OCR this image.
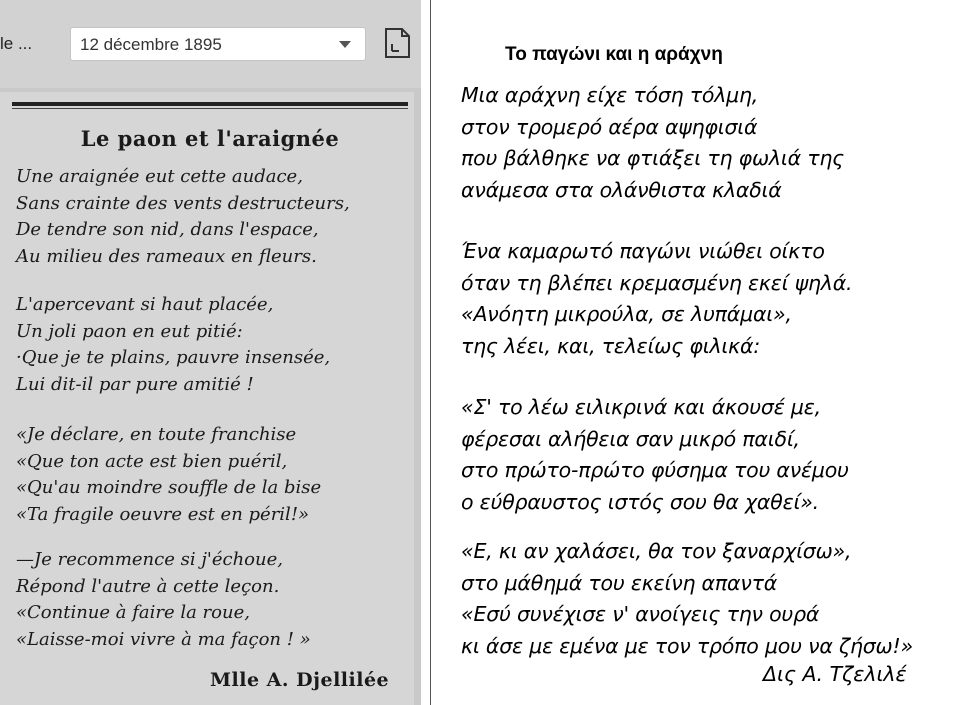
le ...	12 décembre 1895
Le paon et l'araignée
Une araignée eut cette audace,
Sans crainte des vents destructeurs,
De tendre son nid, dans l'espace,
Au milieu des rameaux en fleurs.
L'apercevant si haut placée,
Un joli paon en eut pitié:
·Que je te plains, pauvre insensée,
Lui dit-il par pure amitié !
«Je déclare, en toute franchise
«Que ton acte est bien puéril,
«Qu'au moindre souffle de la bise
«Ta fragile oeuvre est en péril!»
—Je recommence si j'échoue,
Répond l'autre à cette leçon.
«Continue à faire la roue,
«Laisse-moi vivre à ma façon ! »
Mlle A. Djellilée
Το παγώνι και η αράχνη
Μια αράχνη είχε τόση τόλμη,
στον τρομερό αέρα αψηφισιά
που βάλθηκε να φτιάξει τη φωλιά της
ανάμεσα στα ολάνθιστα κλαδιά
Ένα καμαρωτό παγώνι νιώθει οίκτο
όταν τη βλέπει κρεμασμένη εκεί ψηλά.
«Ανόητη μικρούλα, σε λυπάμαι»,
της λέει, και, τελείως φιλικά:
«Σ' το λέω ειλικρινά και άκουσέ με,
φέρεσαι αλήθεια σαν μικρό παιδί,
στο πρώτο-πρώτο φύσημα του ανέμου
ο εύθραυστος ιστός σου θα χαθεί».
«Ε, κι αν χαλάσει, θα τον ξαναρχίσω»,
στο μάθημά του εκείνη απαντά
«Εσύ συνέχισε ν' ανοίγεις την ουρά
κι άσε με εμένα με τον τρόπο μου να ζήσω!»
Δις Α. Τζελιλέ
